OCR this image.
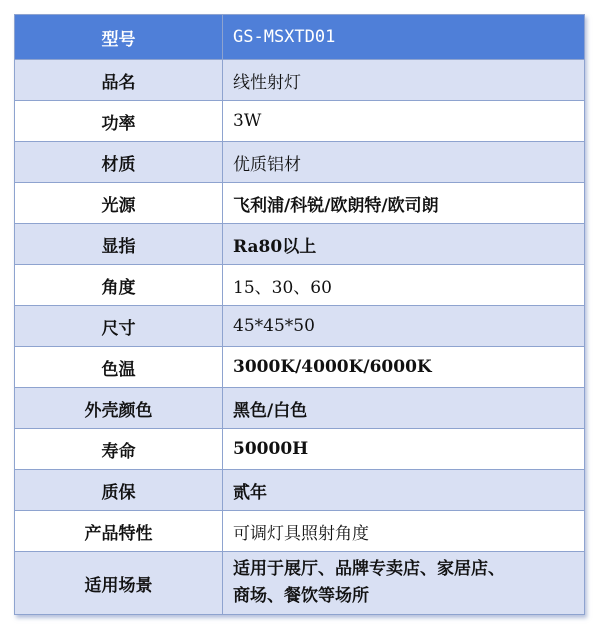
型号	GS-MSXTD01
品名	线性射灯
功率	3W
材质	优质铝材
光源	飞利浦/科锐/欧朗特/欧司朗
显指	Ra80以上
角度	15、30、60
尺寸	45*45*50
色温	3000K/4000K/6000K
外壳颜色	黑色/白色
寿命	50000H
质保	贰年
产品特性	可调灯具照射角度
适用场景	适用于展厅、品牌专卖店、家居店、
商场、餐饮等场所
